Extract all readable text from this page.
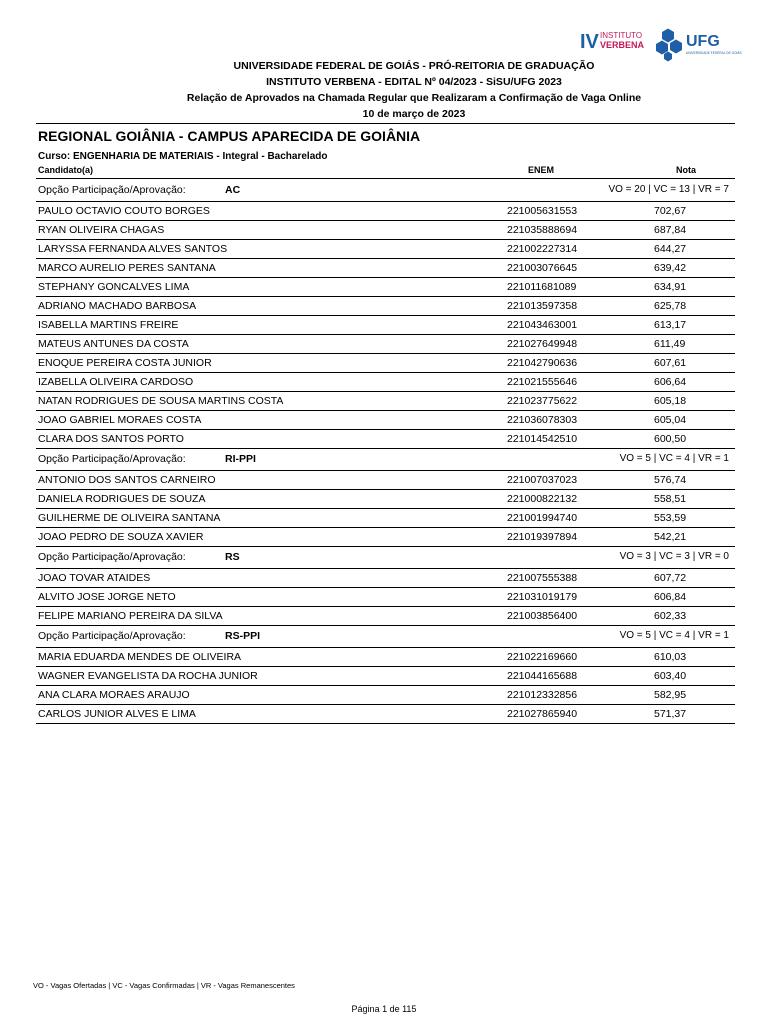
IV INSTITUTO
VERBENA	UFG
UNIVERSIDADE FEDERAL DE GOIÁS
UNIVERSIDADE FEDERAL DE GOIÁS - PRÓ-REITORIA DE GRADUAÇÃO
INSTITUTO VERBENA - EDITAL Nº 04/2023 - SiSU/UFG 2023
Relação de Aprovados na Chamada Regular que Realizaram a Confirmação de Vaga Online
10 de março de 2023
REGIONAL GOIÂNIA - CAMPUS APARECIDA DE GOIÂNIA
Curso: ENGENHARIA DE MATERIAIS - Integral - Bacharelado
Candidato(a)	ENEM	Nota
Opção Participação/Aprovação:	AC	VO = 20 | VC = 13 | VR = 7
PAULO OCTAVIO COUTO BORGES	221005631553	702,67
RYAN OLIVEIRA CHAGAS	221035888694	687,84
LARYSSA FERNANDA ALVES SANTOS	221002227314	644,27
MARCO AURELIO PERES SANTANA	221003076645	639,42
STEPHANY GONCALVES LIMA	221011681089	634,91
ADRIANO MACHADO BARBOSA	221013597358	625,78
ISABELLA MARTINS FREIRE	221043463001	613,17
MATEUS ANTUNES DA COSTA	221027649948	611,49
ENOQUE PEREIRA COSTA JUNIOR	221042790636	607,61
IZABELLA OLIVEIRA CARDOSO	221021555646	606,64
NATAN RODRIGUES DE SOUSA MARTINS COSTA	221023775622	605,18
JOAO GABRIEL MORAES COSTA	221036078303	605,04
CLARA DOS SANTOS PORTO	221014542510	600,50
Opção Participação/Aprovação:	RI-PPI	VO = 5 | VC = 4 | VR = 1
ANTONIO DOS SANTOS CARNEIRO	221007037023	576,74
DANIELA RODRIGUES DE SOUZA	221000822132	558,51
GUILHERME DE OLIVEIRA SANTANA	221001994740	553,59
JOAO PEDRO DE SOUZA XAVIER	221019397894	542,21
Opção Participação/Aprovação:	RS	VO = 3 | VC = 3 | VR = 0
JOAO TOVAR ATAIDES	221007555388	607,72
ALVITO JOSE JORGE NETO	221031019179	606,84
FELIPE MARIANO PEREIRA DA SILVA	221003856400	602,33
Opção Participação/Aprovação:	RS-PPI	VO = 5 | VC = 4 | VR = 1
MARIA EDUARDA MENDES DE OLIVEIRA	221022169660	610,03
WAGNER EVANGELISTA DA ROCHA JUNIOR	221044165688	603,40
ANA CLARA MORAES ARAUJO	221012332856	582,95
CARLOS JUNIOR ALVES E LIMA	221027865940	571,37
VO - Vagas Ofertadas | VC - Vagas Confirmadas | VR - Vagas Remanescentes
Página 1 de 115
